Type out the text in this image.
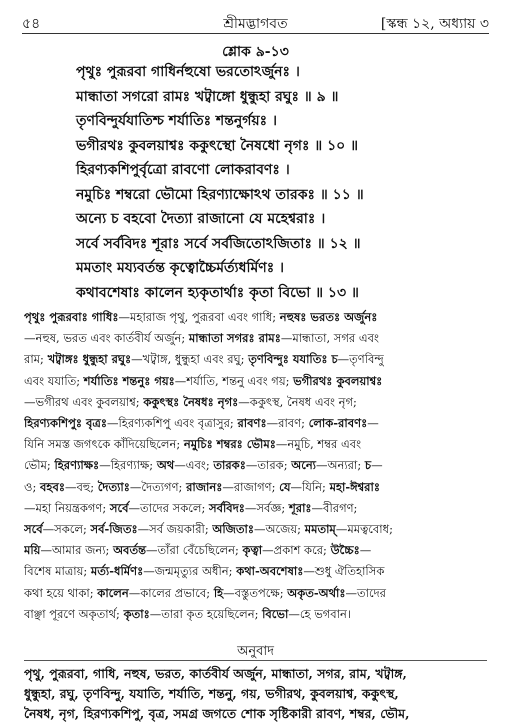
৫৪	শ্রীমদ্ভাগবত	[স্কন্ধ ১২, অধ্যায় ৩
শ্লোক ৯-১৩
পৃথুঃ পুরূরবা গাধির্নহুষো ভরতোঽর্জুনঃ ।
মান্ধাতা সগরো রামঃ খট্বাঙ্গো ধুন্ধুহা রঘুঃ ॥ ৯ ॥
তৃণবিন্দুর্যযাতিশ্চ শর্যাতিঃ শন্তনুর্গয়ঃ ।
ভগীরথঃ কুবলয়াশ্বঃ ককুৎস্থো নৈষধো নৃগঃ ॥ ১০ ॥
হিরণ্যকশিপুর্বৃত্রো রাবণো লোকরাবণঃ ।
নমুচিঃ শম্বরো ভৌমো হিরণ্যাক্ষোঽথ তারকঃ ॥ ১১ ॥
অন্যে চ বহবো দৈত্যা রাজানো যে মহেশ্বরাঃ ।
সর্বে সর্ববিদঃ শূরাঃ সর্বে সর্বজিতোঽজিতাঃ ॥ ১২ ॥
মমতাং ময্যবর্তন্ত কৃত্বোচ্চৈর্মর্ত্যধর্মিণঃ ।
কথাবশেষাঃ কালেন হ্যকৃতার্থাঃ কৃতা বিভো ॥ ১৩ ॥
পৃথুঃ পুরূরবাঃ গাধিঃ—মহারাজ পৃথু, পুরূরবা এবং গাধি; নহুষঃ ভরতঃ অর্জুনঃ
—নহুষ, ভরত এবং কার্তবীর্য অর্জুন; মান্ধাতা সগরঃ রামঃ—মান্ধাতা, সগর এবং
রাম; খট্বাঙ্গঃ ধুন্ধুহা রঘুঃ—খট্বাঙ্গ, ধুন্ধুহা এবং রঘু; তৃণবিন্দুঃ যযাতিঃ চ—তৃণবিন্দু
এবং যযাতি; শর্যাতিঃ শন্তনুঃ গয়ঃ—শর্যাতি, শন্তনু এবং গয়; ভগীরথঃ কুবলয়াশ্বঃ
—ভগীরথ এবং কুবলয়াশ্ব; ককুৎস্থঃ নৈষধঃ নৃগঃ—ককুৎস্থ, নৈষধ এবং নৃগ;
হিরণ্যকশিপুঃ বৃত্রঃ—হিরণ্যকশিপু এবং বৃত্রাসুর; রাবণঃ—রাবণ; লোক-রাবণঃ—
যিনি সমস্ত জগৎকে কাঁদিয়েছিলেন; নমুচিঃ শম্বরঃ ভৌমঃ—নমুচি, শম্বর এবং
ভৌম; হিরণ্যাক্ষঃ—হিরণ্যাক্ষ; অথ—এবং; তারকঃ—তারক; অন্যে—অন্যরা; চ—
ও; বহবঃ—বহু; দৈত্যাঃ—দৈত্যগণ; রাজানঃ—রাজাগণ; যে—যিনি; মহা-ঈশ্বরাঃ
—মহা নিয়ন্ত্রকগণ; সর্বে—তাদের সকলে; সর্ববিদঃ—সর্বজ্ঞ; শূরাঃ—বীরগণ;
সর্বে—সকলে; সর্ব-জিতঃ—সর্ব জয়কারী; অজিতাঃ—অজেয়; মমতাম্—মমত্ববোধ;
ময়ি—আমার জন্য; অবর্তন্ত—তাঁরা বেঁচেছিলেন; কৃত্বা—প্রকাশ করে; উচ্চৈঃ—
বিশেষ মাত্রায়; মর্ত্য-ধর্মিণঃ—জন্মমৃত্যুর অধীন; কথা-অবশেষাঃ—শুধু ঐতিহাসিক
কথা হয়ে থাকা; কালেন—কালের প্রভাবে; হি—বস্তুতপক্ষে; অকৃত-অর্থাঃ—তাদের
বাঞ্ছা পূরণে অকৃতার্থ; কৃতাঃ—তারা কৃত হয়েছিলেন; বিভো—হে ভগবান।
অনুবাদ
পৃথু, পুরূরবা, গাধি, নহুষ, ভরত, কার্তবীর্য অর্জুন, মান্ধাতা, সগর, রাম, খট্বাঙ্গ,
ধুন্ধুহা, রঘু, তৃণবিন্দু, যযাতি, শর্যাতি, শন্তনু, গয়, ভগীরথ, কুবলয়াশ্ব, ককুৎস্থ,
নৈষধ, নৃগ, হিরণ্যকশিপু, বৃত্র, সমগ্র জগতে শোক সৃষ্টিকারী রাবণ, শম্বর, ভৌম,
